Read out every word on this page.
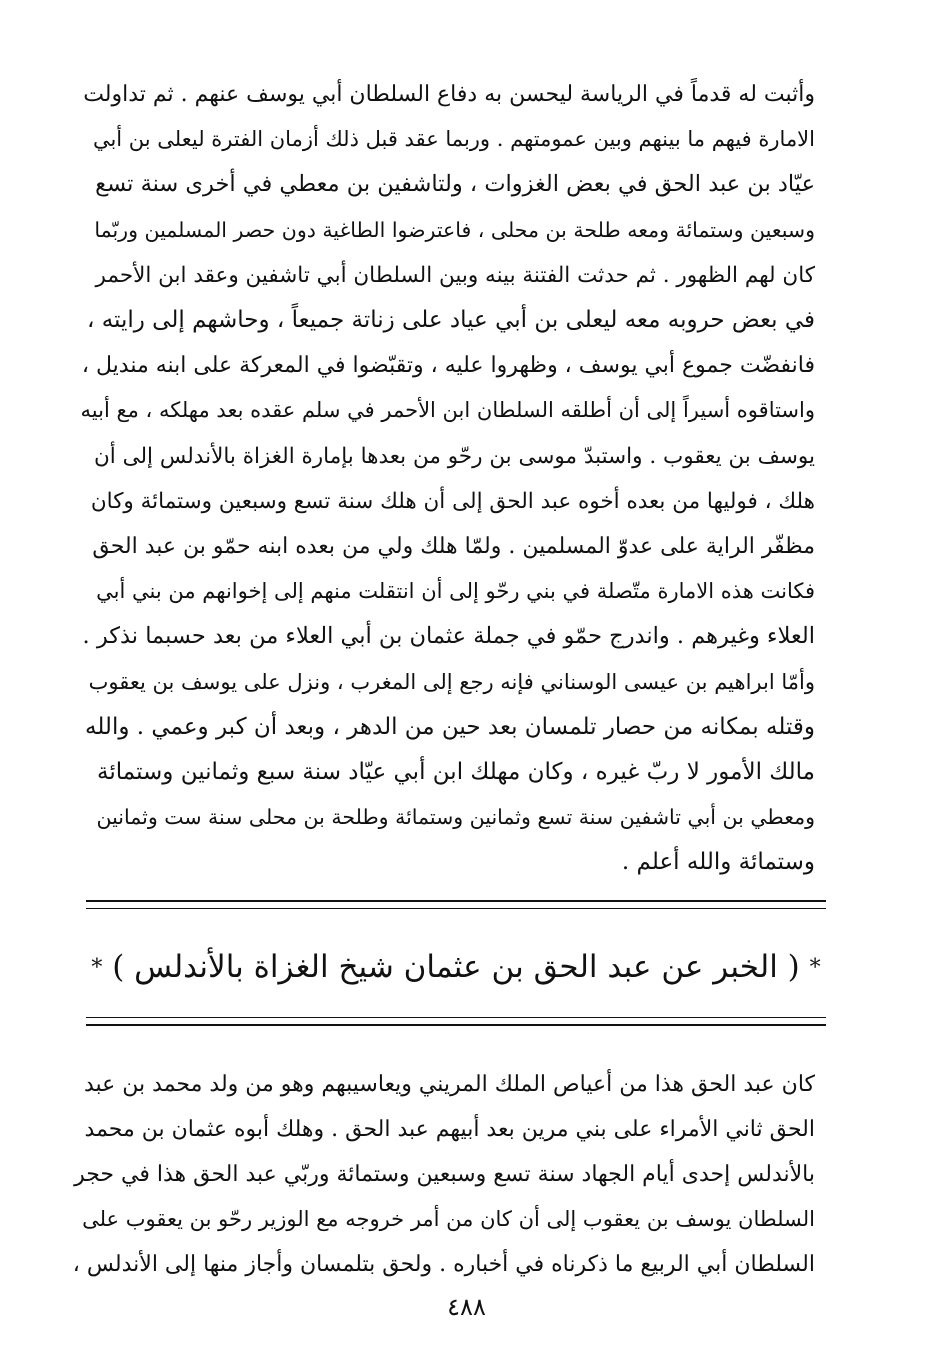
وأثبت له قدماً في الرياسة ليحسن به دفاع السلطان أبي يوسف عنهم . ثم تداولت
الامارة فيهم ما بينهم وبين عمومتهم . وربما عقد قبل ذلك أزمان الفترة ليعلى بن أبي
عيّاد بن عبد الحق في بعض الغزوات ، ولتاشفين بن معطي في أخرى سنة تسع
وسبعين وستمائة ومعه طلحة بن محلى ، فاعترضوا الطاغية دون حصر المسلمين وربّما
كان لهم الظهور . ثم حدثت الفتنة بينه وبين السلطان أبي تاشفين وعقد ابن الأحمر
في بعض حروبه معه ليعلى بن أبي عياد على زناتة جميعاً ، وحاشهم إلى رايته ،
فانفضّت جموع أبي يوسف ، وظهروا عليه ، وتقبّضوا في المعركة على ابنه منديل ،
واستاقوه أسيراً إلى أن أطلقه السلطان ابن الأحمر في سلم عقده بعد مهلكه ، مع أبيه
يوسف بن يعقوب . واستبدّ موسى بن رحّو من بعدها بإمارة الغزاة بالأندلس إلى أن
هلك ، فوليها من بعده أخوه عبد الحق إلى أن هلك سنة تسع وسبعين وستمائة وكان
مظفّر الراية على عدوّ المسلمين . ولمّا هلك ولي من بعده ابنه حمّو بن عبد الحق
فكانت هذه الامارة متّصلة في بني رحّو إلى أن انتقلت منهم إلى إخوانهم من بني أبي
العلاء وغيرهم . واندرج حمّو في جملة عثمان بن أبي العلاء من بعد حسبما نذكر .
وأمّا ابراهيم بن عيسى الوسناني فإنه رجع إلى المغرب ، ونزل على يوسف بن يعقوب
وقتله بمكانه من حصار تلمسان بعد حين من الدهر ، وبعد أن كبر وعمي . والله
مالك الأمور لا ربّ غيره ، وكان مهلك ابن أبي عيّاد سنة سبع وثمانين وستمائة
ومعطي بن أبي تاشفين سنة تسع وثمانين وستمائة وطلحة بن محلى سنة ست وثمانين
وستمائة والله أعلم .
* ( الخبر عن عبد الحق بن عثمان شيخ الغزاة بالأندلس ) *
كان عبد الحق هذا من أعياص الملك المريني ويعاسيبهم وهو من ولد محمد بن عبد
الحق ثاني الأمراء على بني مرين بعد أبيهم عبد الحق . وهلك أبوه عثمان بن محمد
بالأندلس إحدى أيام الجهاد سنة تسع وسبعين وستمائة وربّي عبد الحق هذا في حجر
السلطان يوسف بن يعقوب إلى أن كان من أمر خروجه مع الوزير رحّو بن يعقوب على
السلطان أبي الربيع ما ذكرناه في أخباره . ولحق بتلمسان وأجاز منها إلى الأندلس ،
٤٨٨
